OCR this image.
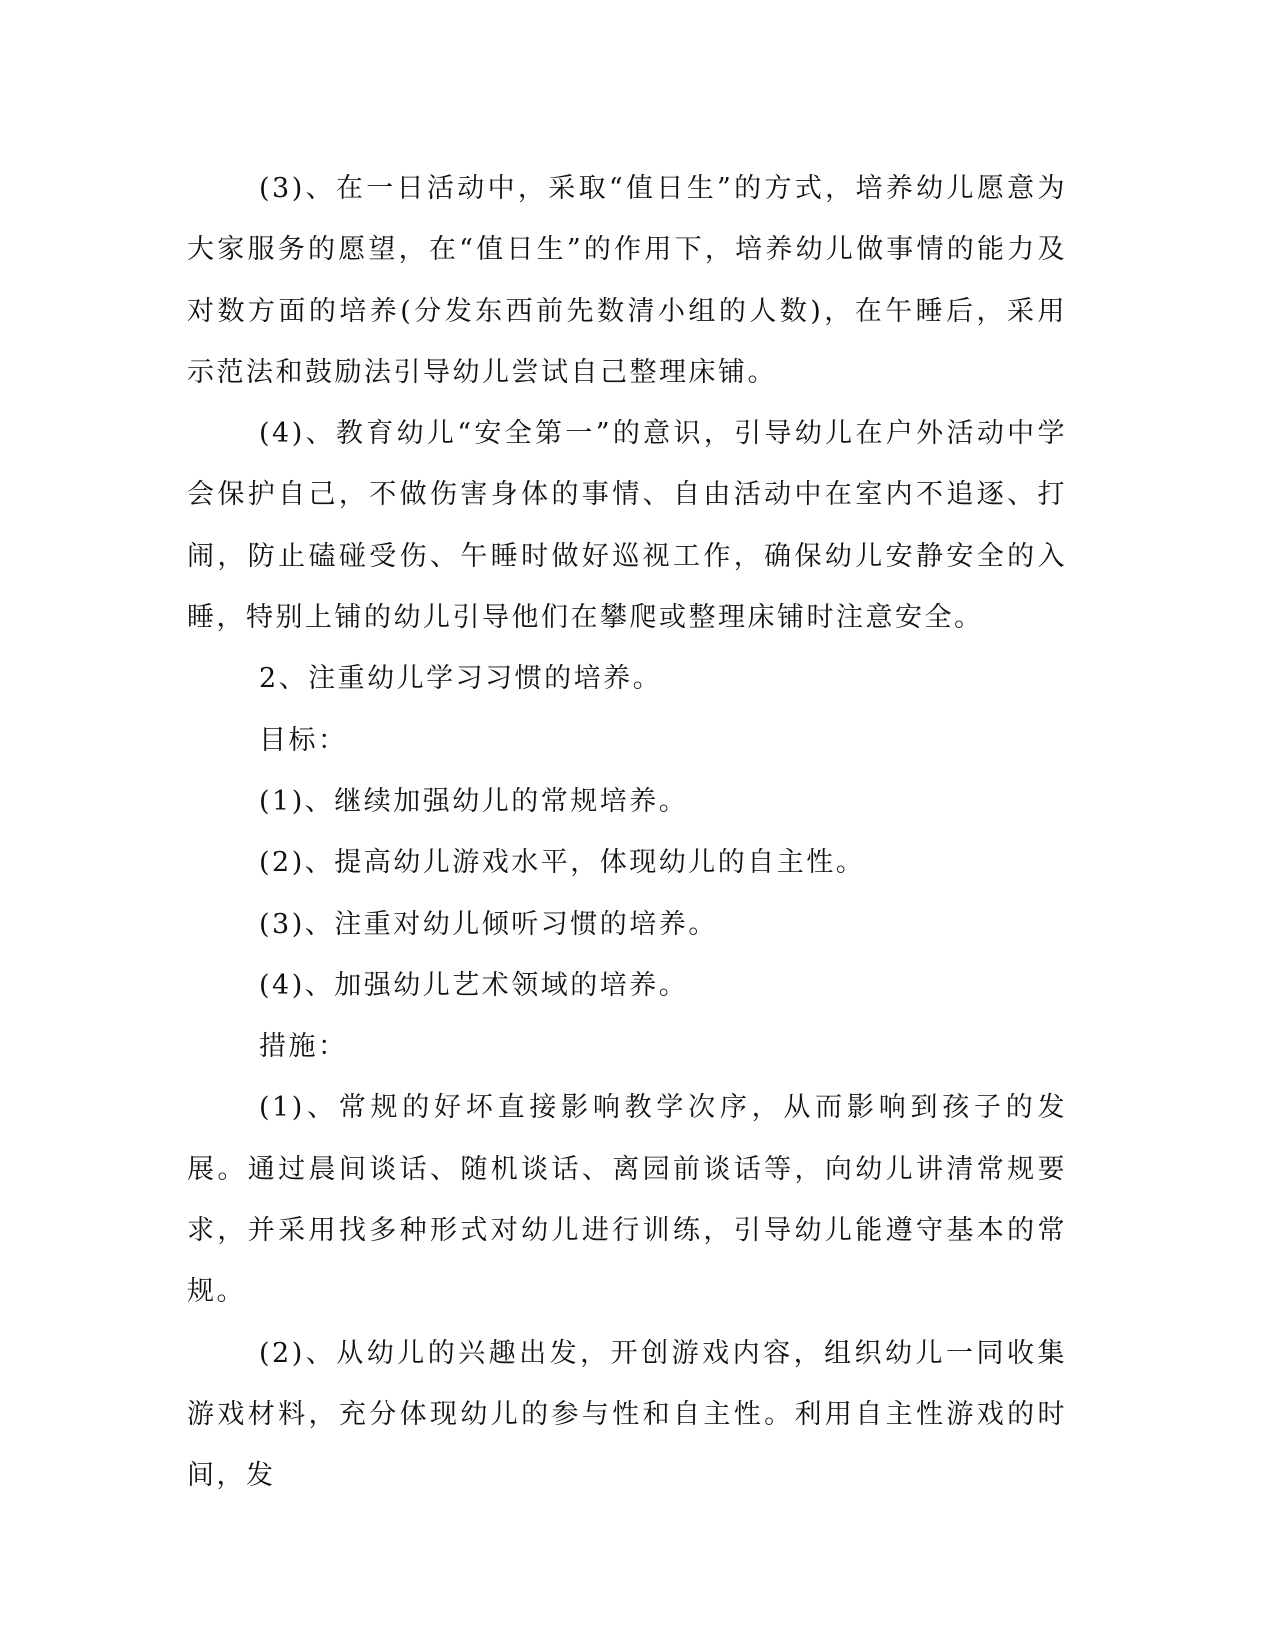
(3)、在一日活动中，采取“值日生”的方式，培养幼儿愿意为大家服务的愿望，在“值日生”的作用下，培养幼儿做事情的能力及对数方面的培养(分发东西前先数清小组的人数)，在午睡后，采用示范法和鼓励法引导幼儿尝试自己整理床铺。

(4)、教育幼儿“安全第一”的意识，引导幼儿在户外活动中学会保护自己，不做伤害身体的事情、自由活动中在室内不追逐、打闹，防止磕碰受伤、午睡时做好巡视工作，确保幼儿安静安全的入睡，特别上铺的幼儿引导他们在攀爬或整理床铺时注意安全。

2、注重幼儿学习习惯的培养。

目标：

(1)、继续加强幼儿的常规培养。

(2)、提高幼儿游戏水平，体现幼儿的自主性。

(3)、注重对幼儿倾听习惯的培养。

(4)、加强幼儿艺术领域的培养。

措施：

(1)、常规的好坏直接影响教学次序，从而影响到孩子的发展。通过晨间谈话、随机谈话、离园前谈话等，向幼儿讲清常规要求，并采用找多种形式对幼儿进行训练，引导幼儿能遵守基本的常规。

(2)、从幼儿的兴趣出发，开创游戏内容，组织幼儿一同收集游戏材料，充分体现幼儿的参与性和自主性。利用自主性游戏的时间，发
